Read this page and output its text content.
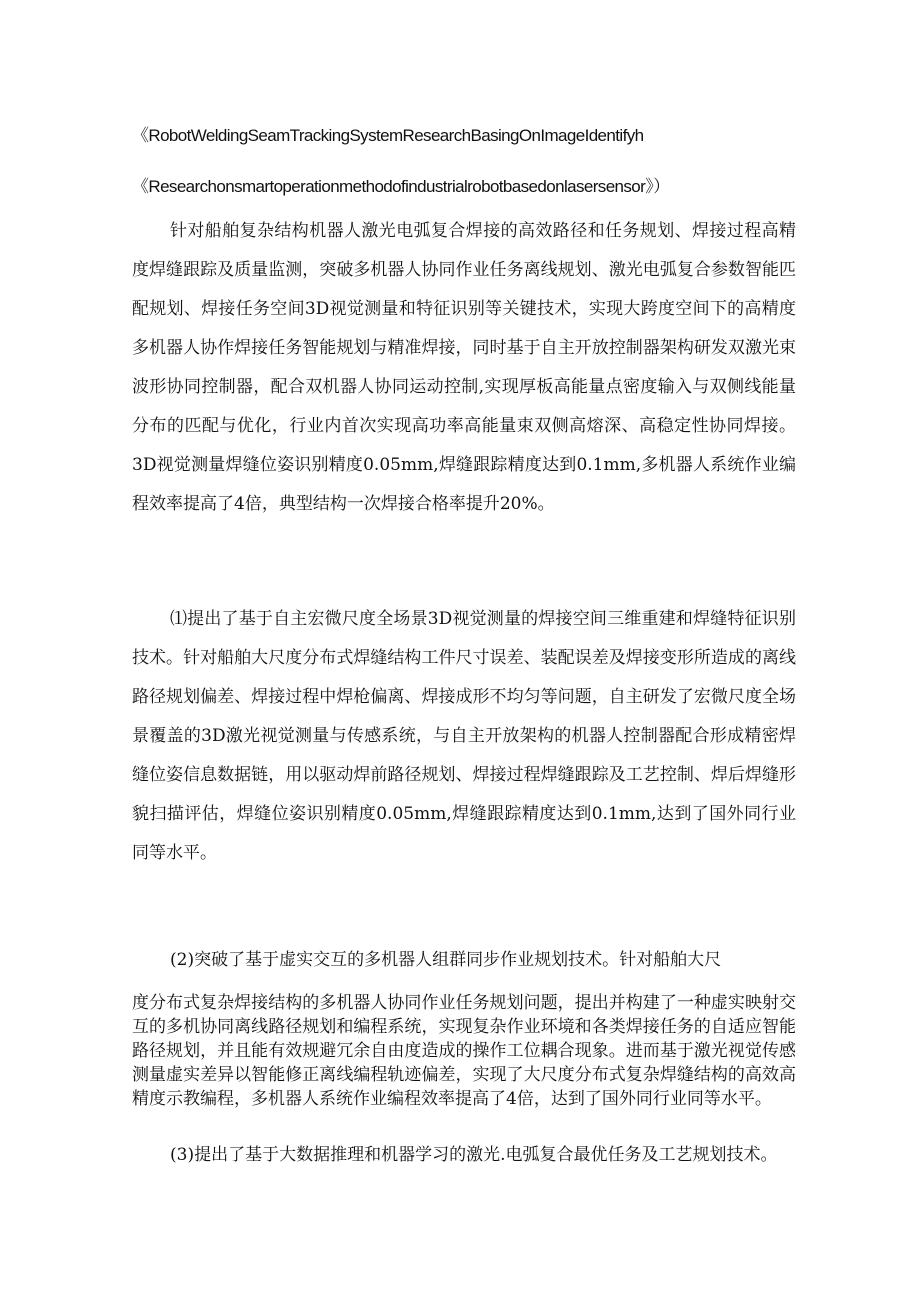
《RobotWeldingSeamTrackingSystemResearchBasingOnImageIdentifyh
《Researchonsmartoperationmethodofindustrialrobotbasedonlasersensor》）

针对船舶复杂结构机器人激光电弧复合焊接的高效路径和任务规划、焊接过程高精度焊缝跟踪及质量监测，突破多机器人协同作业任务离线规划、激光电弧复合参数智能匹配规划、焊接任务空间3D视觉测量和特征识别等关键技术，实现大跨度空间下的高精度多机器人协作焊接任务智能规划与精准焊接，同时基于自主开放控制器架构研发双激光束波形协同控制器，配合双机器人协同运动控制,实现厚板高能量点密度输入与双侧线能量分布的匹配与优化，行业内首次实现高功率高能量束双侧高熔深、高稳定性协同焊接。3D视觉测量焊缝位姿识别精度0.05mm,焊缝跟踪精度达到0.1mm,多机器人系统作业编程效率提高了4倍，典型结构一次焊接合格率提升20%。

⑴提出了基于自主宏微尺度全场景3D视觉测量的焊接空间三维重建和焊缝特征识别技术。针对船舶大尺度分布式焊缝结构工件尺寸误差、装配误差及焊接变形所造成的离线路径规划偏差、焊接过程中焊枪偏离、焊接成形不均匀等问题，自主研发了宏微尺度全场景覆盖的3D激光视觉测量与传感系统，与自主开放架构的机器人控制器配合形成精密焊缝位姿信息数据链，用以驱动焊前路径规划、焊接过程焊缝跟踪及工艺控制、焊后焊缝形貌扫描评估，焊缝位姿识别精度0.05mm,焊缝跟踪精度达到0.1mm,达到了国外同行业同等水平。

(2)突破了基于虚实交互的多机器人组群同步作业规划技术。针对船舶大尺

度分布式复杂焊接结构的多机器人协同作业任务规划问题，提出并构建了一种虚实映射交互的多机协同离线路径规划和编程系统，实现复杂作业环境和各类焊接任务的自适应智能路径规划，并且能有效规避冗余自由度造成的操作工位耦合现象。进而基于激光视觉传感测量虚实差异以智能修正离线编程轨迹偏差，实现了大尺度分布式复杂焊缝结构的高效高精度示教编程，多机器人系统作业编程效率提高了4倍，达到了国外同行业同等水平。

(3)提出了基于大数据推理和机器学习的激光.电弧复合最优任务及工艺规划技术。
